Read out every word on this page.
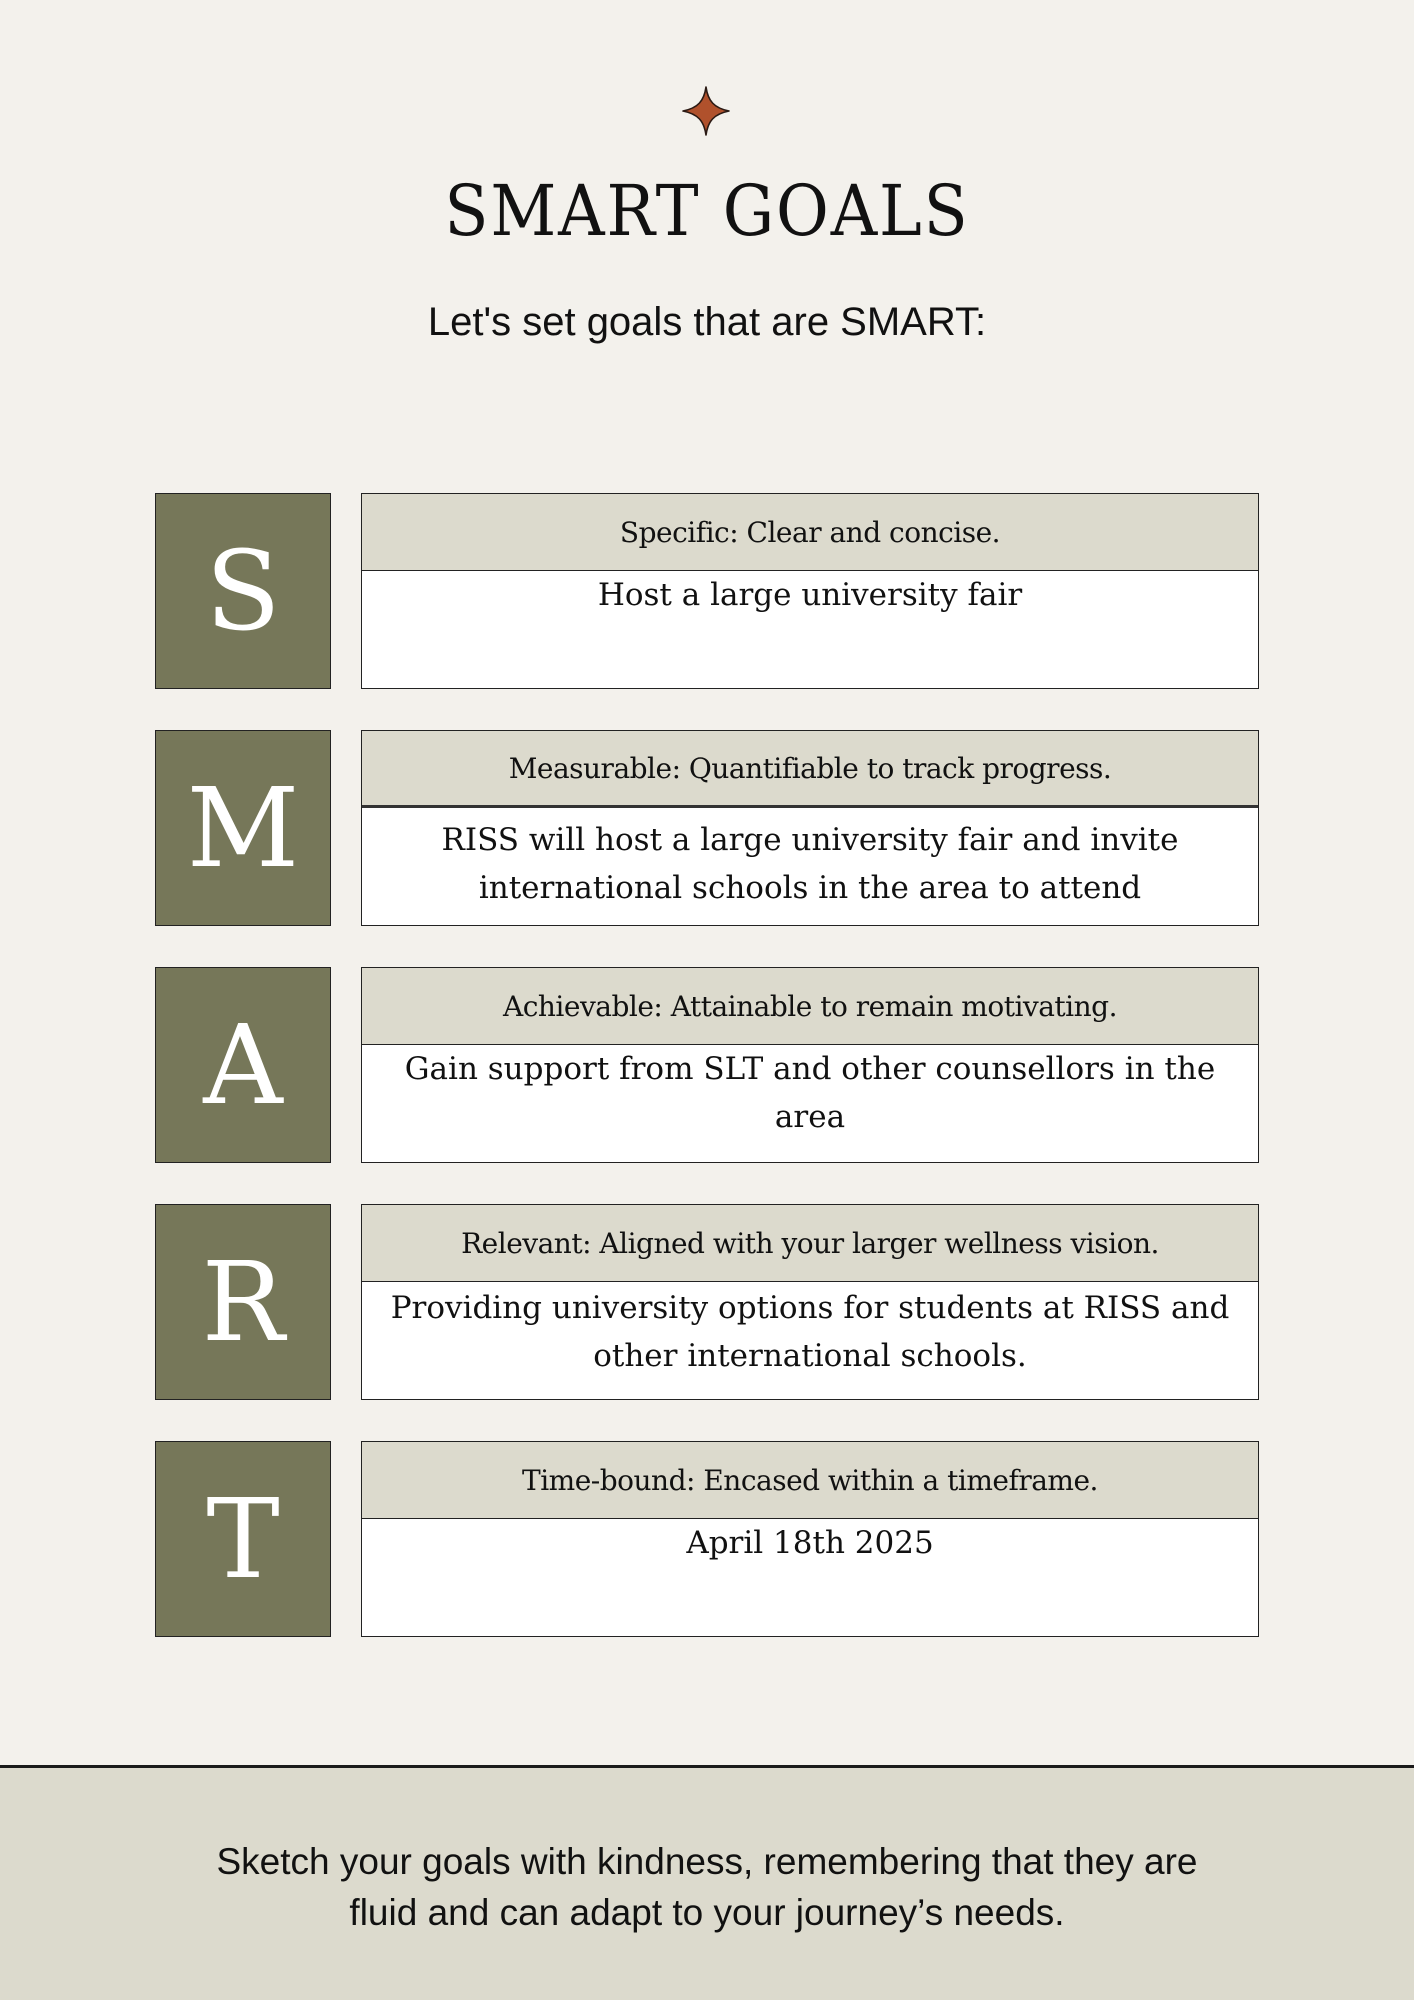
SMART GOALS
Let's set goals that are SMART:
S	Specific: Clear and concise.
Host a large university fair
M	Measurable: Quantifiable to track progress.
RISS will host a large university fair and invite international schools in the area to attend
A	Achievable: Attainable to remain motivating.
Gain support from SLT and other counsellors in the area
R	Relevant: Aligned with your larger wellness vision.
Providing university options for students at RISS and other international schools.
T	Time-bound: Encased within a timeframe.
April 18th 2025
Sketch your goals with kindness, remembering that they are
fluid and can adapt to your journey’s needs.
